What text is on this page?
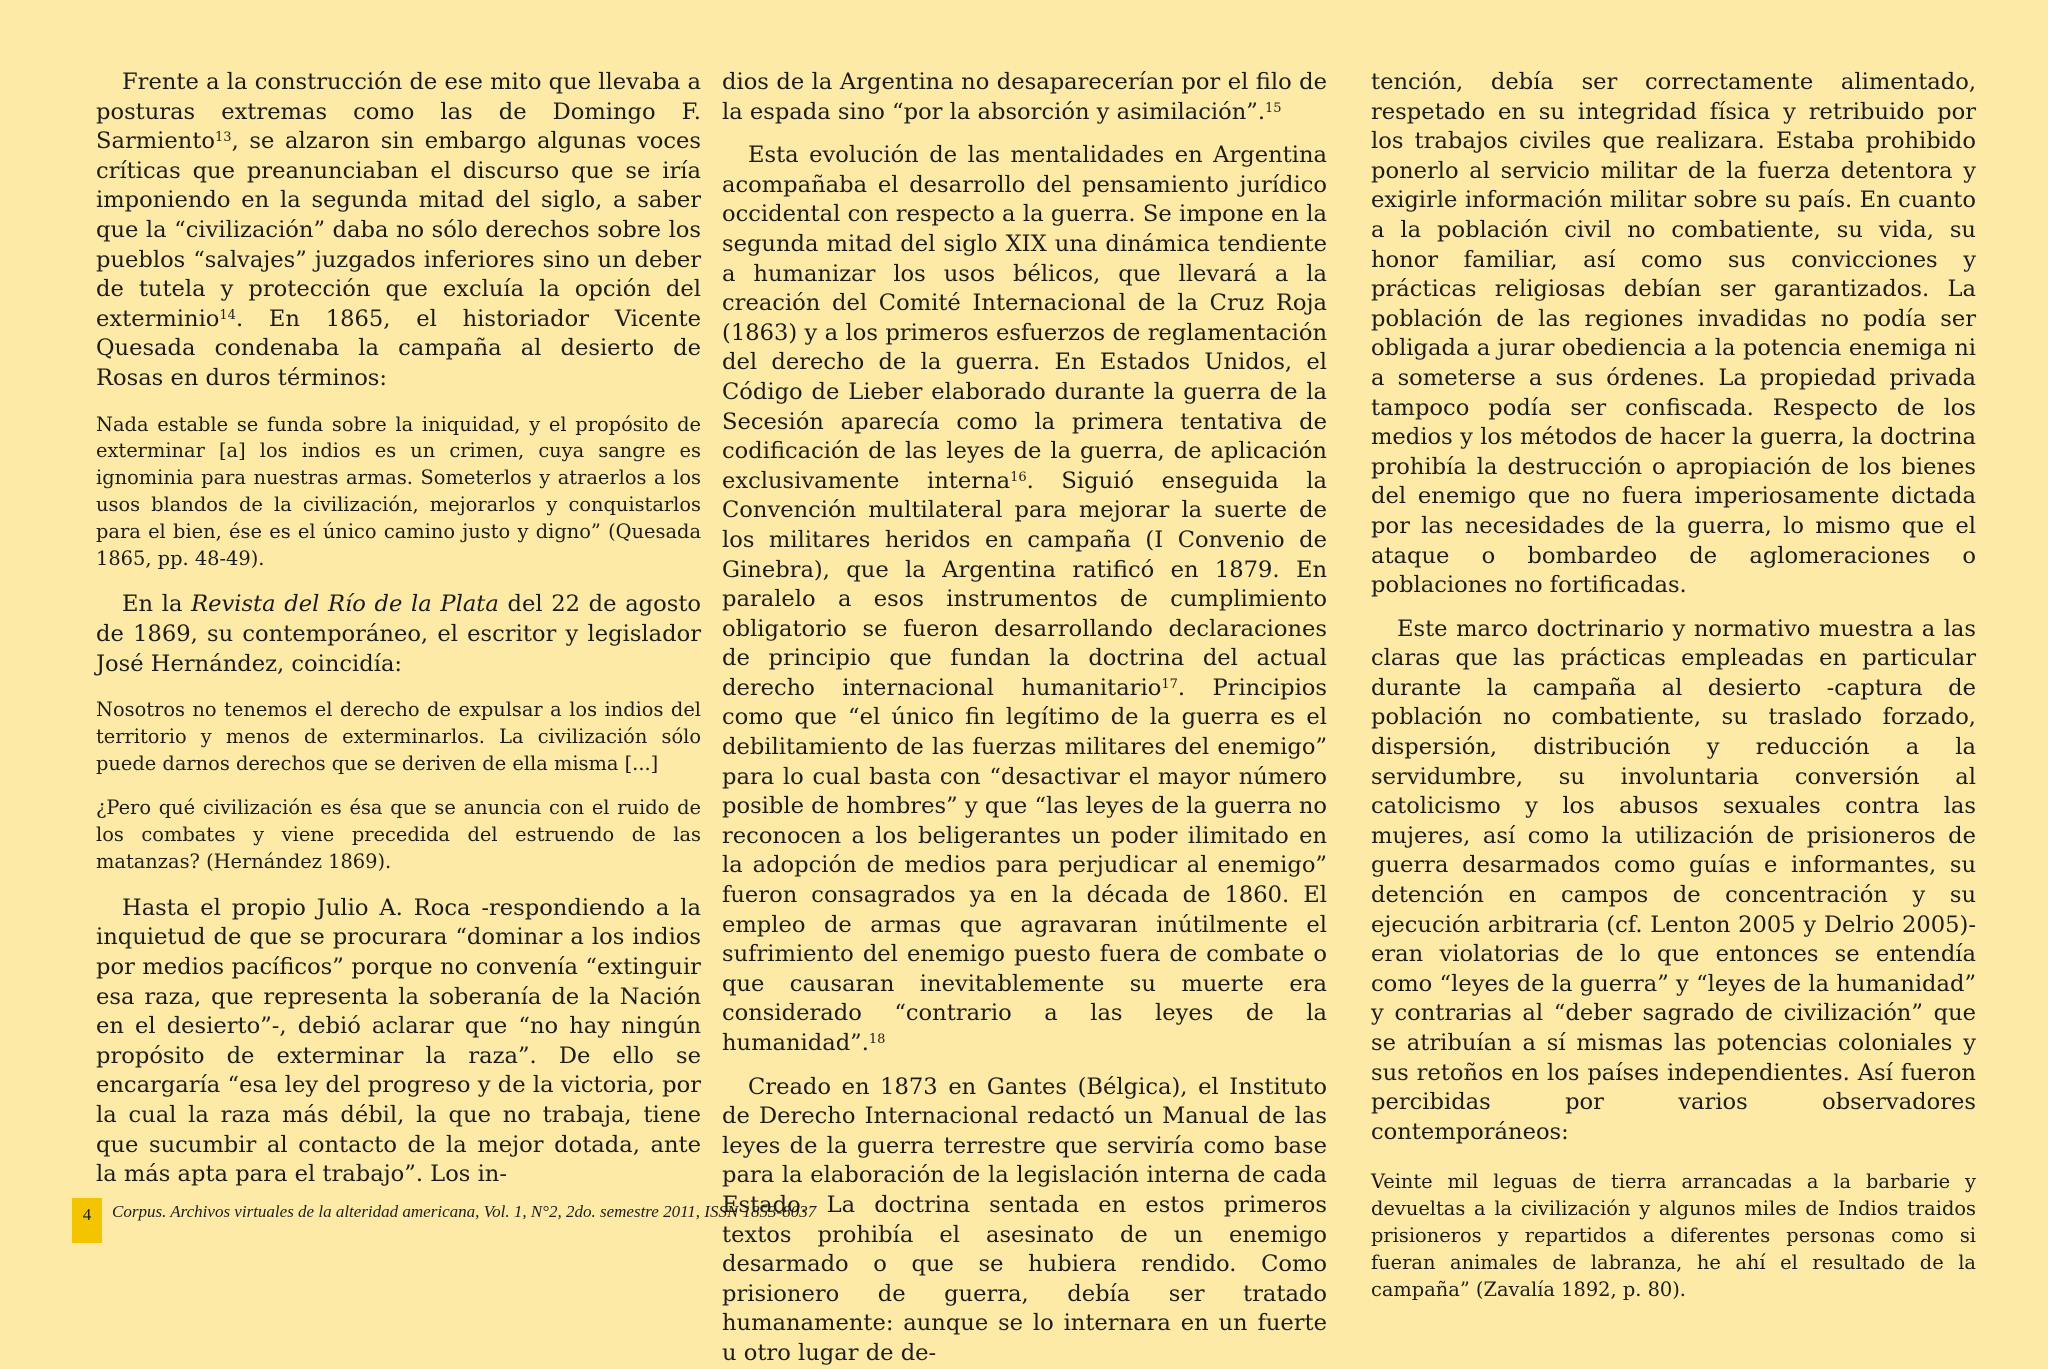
Frente a la construcción de ese mito que llevaba a posturas extremas como las de Domingo F. Sarmiento$^{13}$, se alzaron sin embargo algunas voces críticas que preanunciaban el discurso que se iría imponiendo en la segunda mitad del siglo, a saber que la “civilización” daba no sólo derechos sobre los pueblos “salvajes” juzgados inferiores sino un deber de tutela y protección que excluía la opción del exterminio$^{14}$. En 1865, el historiador Vicente Quesada condenaba la campaña al desierto de Rosas en duros términos:

Nada estable se funda sobre la iniquidad, y el propósito de exterminar [a] los indios es un crimen, cuya sangre es ignominia para nuestras armas. Someterlos y atraerlos a los usos blandos de la civilización, mejorarlos y conquistarlos para el bien, ése es el único camino justo y digno” (Quesada 1865, pp. 48-49).

En la Revista del Río de la Plata del 22 de agosto de 1869, su contemporáneo, el escritor y legislador José Hernández, coincidía:

Nosotros no tenemos el derecho de expulsar a los indios del territorio y menos de exterminarlos. La civilización sólo puede darnos derechos que se deriven de ella misma [...]
¿Pero qué civilización es ésa que se anuncia con el ruido de los combates y viene precedida del estruendo de las matanzas? (Hernández 1869).

Hasta el propio Julio A. Roca -respondiendo a la inquietud de que se procurara “dominar a los indios por medios pacíficos” porque no convenía “extinguir esa raza, que representa la soberanía de la Nación en el desierto”-, debió aclarar que “no hay ningún propósito de exterminar la raza”. De ello se encargaría “esa ley del progreso y de la victoria, por la cual la raza más débil, la que no trabaja, tiene que sucumbir al contacto de la mejor dotada, ante la más apta para el trabajo”. Los in-

dios de la Argentina no desaparecerían por el filo de la espada sino “por la absorción y asimilación”.$^{15}$

Esta evolución de las mentalidades en Argentina acompañaba el desarrollo del pensamiento jurídico occidental con respecto a la guerra. Se impone en la segunda mitad del siglo XIX una dinámica tendiente a humanizar los usos bélicos, que llevará a la creación del Comité Internacional de la Cruz Roja (1863) y a los primeros esfuerzos de reglamentación del derecho de la guerra. En Estados Unidos, el Código de Lieber elaborado durante la guerra de la Secesión aparecía como la primera tentativa de codificación de las leyes de la guerra, de aplicación exclusivamente interna$^{16}$. Siguió enseguida la Convención multilateral para mejorar la suerte de los militares heridos en campaña (I Convenio de Ginebra), que la Argentina ratificó en 1879. En paralelo a esos instrumentos de cumplimiento obligatorio se fueron desarrollando declaraciones de principio que fundan la doctrina del actual derecho internacional humanitario$^{17}$. Principios como que “el único fin legítimo de la guerra es el debilitamiento de las fuerzas militares del enemigo” para lo cual basta con “desactivar el mayor número posible de hombres” y que “las leyes de la guerra no reconocen a los beligerantes un poder ilimitado en la adopción de medios para perjudicar al enemigo” fueron consagrados ya en la década de 1860. El empleo de armas que agravaran inútilmente el sufrimiento del enemigo puesto fuera de combate o que causaran inevitablemente su muerte era considerado “contrario a las leyes de la humanidad”.$^{18}$

Creado en 1873 en Gantes (Bélgica), el Instituto de Derecho Internacional redactó un Manual de las leyes de la guerra terrestre que serviría como base para la elaboración de la legislación interna de cada Estado. La doctrina sentada en estos primeros textos prohibía el asesinato de un enemigo desarmado o que se hubiera rendido. Como prisionero de guerra, debía ser tratado humanamente: aunque se lo internara en un fuerte u otro lugar de de-

tención, debía ser correctamente alimentado, respetado en su integridad física y retribuido por los trabajos civiles que realizara. Estaba prohibido ponerlo al servicio militar de la fuerza detentora y exigirle información militar sobre su país. En cuanto a la población civil no combatiente, su vida, su honor familiar, así como sus convicciones y prácticas religiosas debían ser garantizados. La población de las regiones invadidas no podía ser obligada a jurar obediencia a la potencia enemiga ni a someterse a sus órdenes. La propiedad privada tampoco podía ser confiscada. Respecto de los medios y los métodos de hacer la guerra, la doctrina prohibía la destrucción o apropiación de los bienes del enemigo que no fuera imperiosamente dictada por las necesidades de la guerra, lo mismo que el ataque o bombardeo de aglomeraciones o poblaciones no fortificadas.

Este marco doctrinario y normativo muestra a las claras que las prácticas empleadas en particular durante la campaña al desierto -captura de población no combatiente, su traslado forzado, dispersión, distribución y reducción a la servidumbre, su involuntaria conversión al catolicismo y los abusos sexuales contra las mujeres, así como la utilización de prisioneros de guerra desarmados como guías e informantes, su detención en campos de concentración y su ejecución arbitraria (cf. Lenton 2005 y Delrio 2005)- eran violatorias de lo que entonces se entendía como “leyes de la guerra” y “leyes de la humanidad” y contrarias al “deber sagrado de civilización” que se atribuían a sí mismas las potencias coloniales y sus retoños en los países independientes. Así fueron percibidas por varios observadores contemporáneos:

Veinte mil leguas de tierra arrancadas a la barbarie y devueltas a la civilización y algunos miles de Indios traidos prisioneros y repartidos a diferentes personas como si fueran animales de labranza, he ahí el resultado de la campaña” (Zavalía 1892, p. 80).
4	Corpus. Archivos virtuales de la alteridad americana, Vol. 1, N°2, 2do. semestre 2011, ISSN 1853-8037
